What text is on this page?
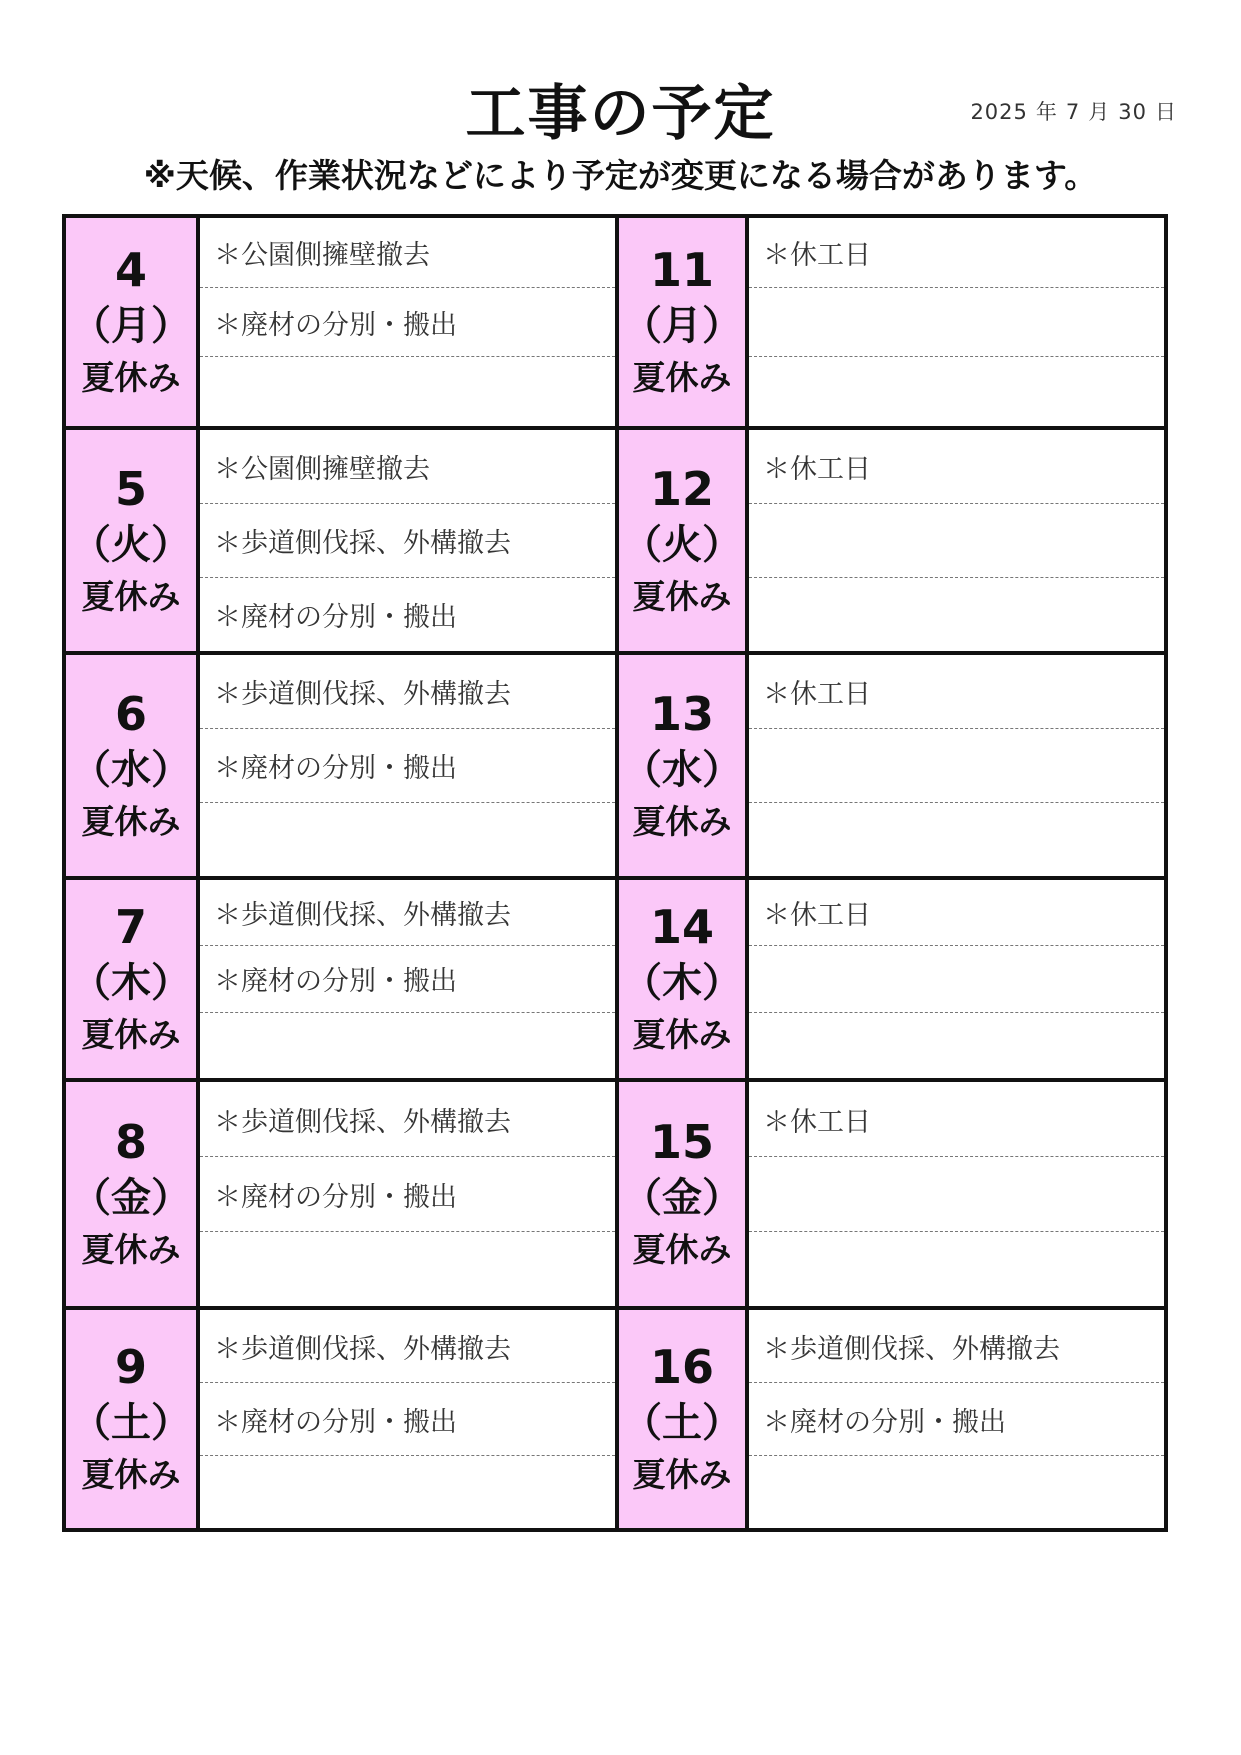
工事の予定	2025 年 7 月 30 日
※天候、作業状況などにより予定が変更になる場合があります。
4
（月）
夏休み
＊公園側擁壁撤去
＊廃材の分別・搬出
11
（月）
夏休み
＊休工日
5
（火）
夏休み
＊公園側擁壁撤去
＊歩道側伐採、外構撤去
＊廃材の分別・搬出
12
（火）
夏休み
＊休工日
6
（水）
夏休み
＊歩道側伐採、外構撤去
＊廃材の分別・搬出
13
（水）
夏休み
＊休工日
7
（木）
夏休み
＊歩道側伐採、外構撤去
＊廃材の分別・搬出
14
（木）
夏休み
＊休工日
8
（金）
夏休み
＊歩道側伐採、外構撤去
＊廃材の分別・搬出
15
（金）
夏休み
＊休工日
9
（土）
夏休み
＊歩道側伐採、外構撤去
＊廃材の分別・搬出
16
（土）
夏休み
＊歩道側伐採、外構撤去
＊廃材の分別・搬出
